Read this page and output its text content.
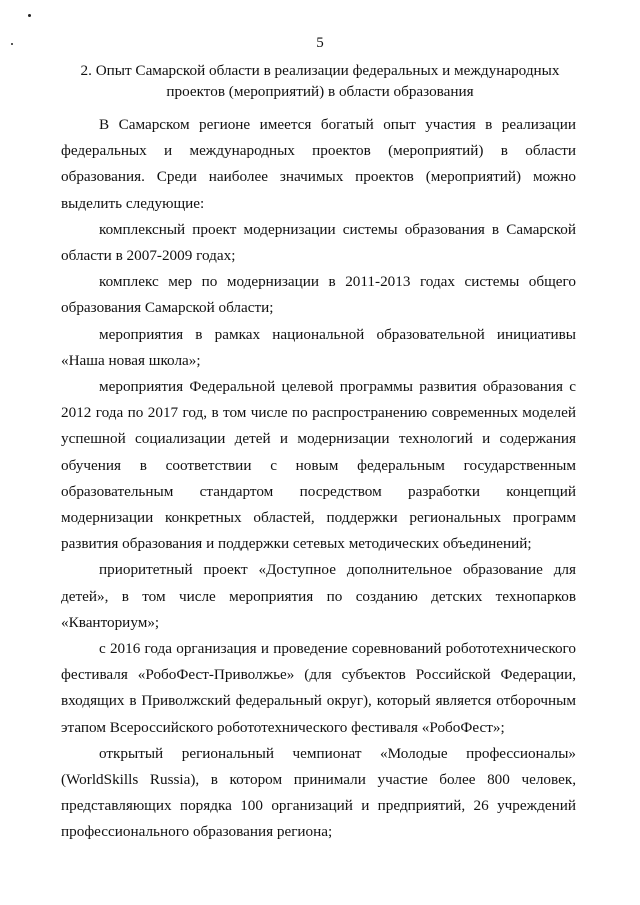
5
2. Опыт Самарской области в реализации федеральных и международных
проектов (мероприятий) в области образования

В Самарском регионе имеется богатый опыт участия в реализации федеральных и международных проектов (мероприятий) в области образования. Среди наиболее значимых проектов (мероприятий) можно выделить следующие:

комплексный проект модернизации системы образования в Самарской области в 2007-2009 годах;

комплекс мер по модернизации в 2011-2013 годах системы общего образования Самарской области;

мероприятия в рамках национальной образовательной инициативы «Наша новая школа»;

мероприятия Федеральной целевой программы развития образования с 2012 года по 2017 год, в том числе по распространению современных моделей успешной социализации детей и модернизации технологий и содержания обучения в соответствии с новым федеральным государственным образовательным стандартом посредством разработки концепций модернизации конкретных областей, поддержки региональных программ развития образования и поддержки сетевых методических объединений;

приоритетный проект «Доступное дополнительное образование для детей», в том числе мероприятия по созданию детских технопарков «Кванториум»;

с 2016 года организация и проведение соревнований робототехнического фестиваля «РобоФест-Приволжье» (для субъектов Российской Федерации, входящих в Приволжский федеральный округ), который является отборочным этапом Всероссийского робототехнического фестиваля «РобоФест»;

открытый региональный чемпионат «Молодые профессионалы» (WorldSkills Russia), в котором принимали участие более 800 человек, представляющих порядка 100 организаций и предприятий, 26 учреждений профессионального образования региона;
